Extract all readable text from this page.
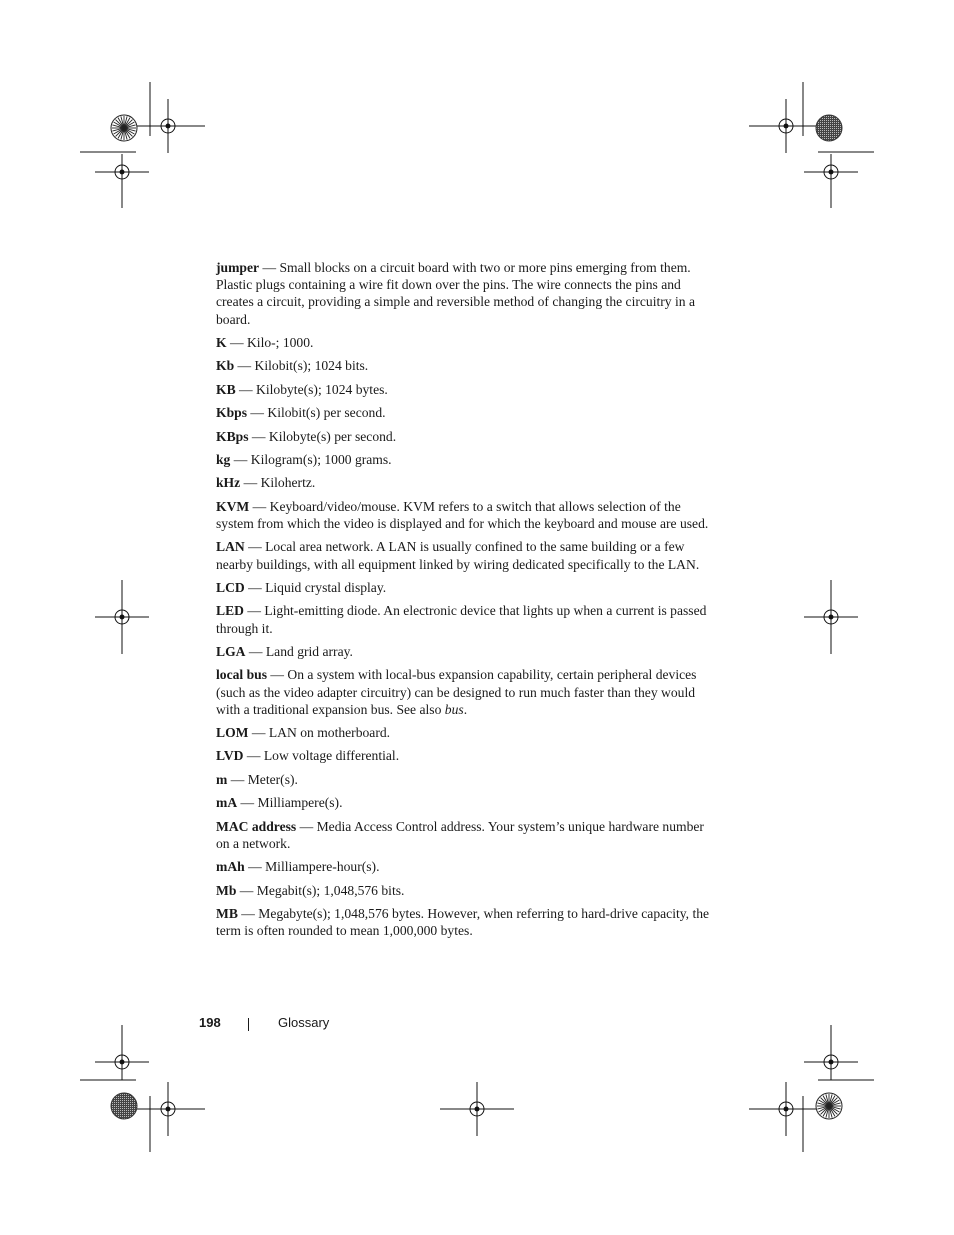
jumper — Small blocks on a circuit board with two or more pins emerging from them. Plastic plugs containing a wire fit down over the pins. The wire connects the pins and creates a circuit, providing a simple and reversible method of changing the circuitry in a board.

K — Kilo-; 1000.

Kb — Kilobit(s); 1024 bits.

KB — Kilobyte(s); 1024 bytes.

Kbps — Kilobit(s) per second.

KBps — Kilobyte(s) per second.

kg — Kilogram(s); 1000 grams.

kHz — Kilohertz.

KVM — Keyboard/video/mouse. KVM refers to a switch that allows selection of the system from which the video is displayed and for which the keyboard and mouse are used.

LAN — Local area network. A LAN is usually confined to the same building or a few nearby buildings, with all equipment linked by wiring dedicated specifically to the LAN.

LCD — Liquid crystal display.

LED — Light-emitting diode. An electronic device that lights up when a current is passed through it.

LGA — Land grid array.

local bus — On a system with local-bus expansion capability, certain peripheral devices (such as the video adapter circuitry) can be designed to run much faster than they would with a traditional expansion bus. See also bus.

LOM — LAN on motherboard.

LVD — Low voltage differential.

m — Meter(s).

mA — Milliampere(s).

MAC address — Media Access Control address. Your system’s unique hardware number on a network.

mAh — Milliampere-hour(s).

Mb — Megabit(s); 1,048,576 bits.

MB — Megabyte(s); 1,048,576 bytes. However, when referring to hard-drive capacity, the term is often rounded to mean 1,000,000 bytes.

198	Glossary
